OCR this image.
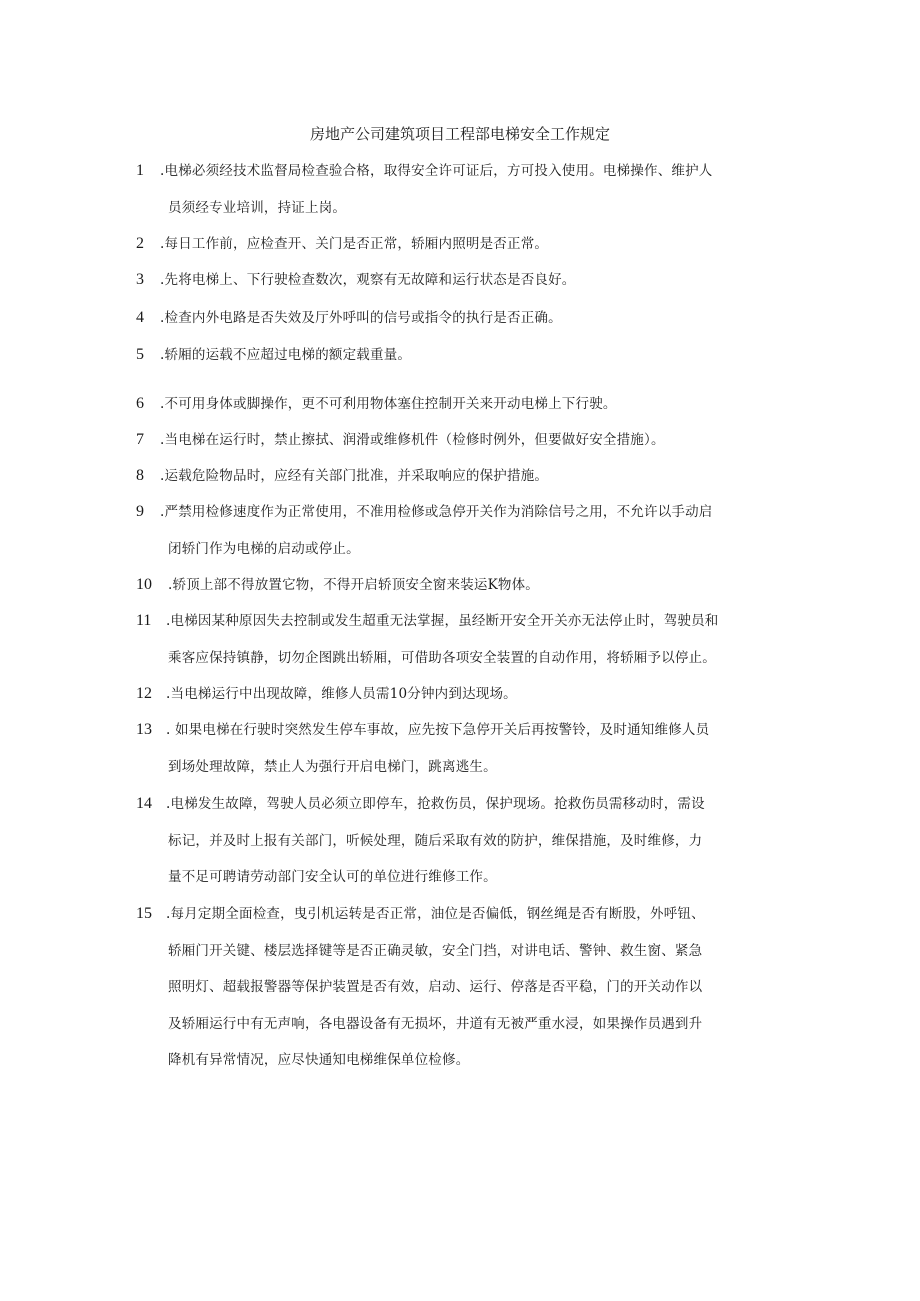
房地产公司建筑项目工程部电梯安全工作规定
1 .电梯必须经技术监督局检查验合格，取得安全许可证后，方可投入使用。电梯操作、维护人
员须经专业培训，持证上岗。
2 .每日工作前，应检查开、关门是否正常，轿厢内照明是否正常。
3 .先将电梯上、下行驶检查数次，观察有无故障和运行状态是否良好。
4 .检查内外电路是否失效及厅外呼叫的信号或指令的执行是否正确。
5 .轿厢的运载不应超过电梯的额定载重量。
6 .不可用身体或脚操作，更不可利用物体塞住控制开关来开动电梯上下行驶。
7 .当电梯在运行时，禁止擦拭、润滑或维修机件（检修时例外，但要做好安全措施）。
8 .运载危险物品时，应经有关部门批准，并采取响应的保护措施。
9 .严禁用检修速度作为正常使用，不准用检修或急停开关作为消除信号之用，不允许以手动启
闭轿门作为电梯的启动或停止。
10 .轿顶上部不得放置它物，不得开启轿顶安全窗来装运K物体。
11 .电梯因某种原因失去控制或发生超重无法掌握，虽经断开安全开关亦无法停止时，驾驶员和
乘客应保持镇静，切勿企图跳出轿厢，可借助各项安全装置的自动作用，将轿厢予以停止。
12 .当电梯运行中出现故障，维修人员需10分钟内到达现场。
13 . 如果电梯在行驶时突然发生停车事故，应先按下急停开关后再按警铃，及时通知维修人员
到场处理故障，禁止人为强行开启电梯门，跳离逃生。
14 .电梯发生故障，驾驶人员必须立即停车，抢救伤员，保护现场。抢救伤员需移动时，需设
标记，并及时上报有关部门，听候处理，随后采取有效的防护，维保措施，及时维修，力
量不足可聘请劳动部门安全认可的单位进行维修工作。
15 .每月定期全面检查，曳引机运转是否正常，油位是否偏低，钢丝绳是否有断股，外呼钮、
轿厢门开关键、楼层选择键等是否正确灵敏，安全门挡，对讲电话、警钟、救生窗、紧急
照明灯、超载报警器等保护装置是否有效，启动、运行、停落是否平稳，门的开关动作以
及轿厢运行中有无声响，各电器设备有无损坏，井道有无被严重水浸，如果操作员遇到升
降机有异常情况，应尽快通知电梯维保单位检修。
